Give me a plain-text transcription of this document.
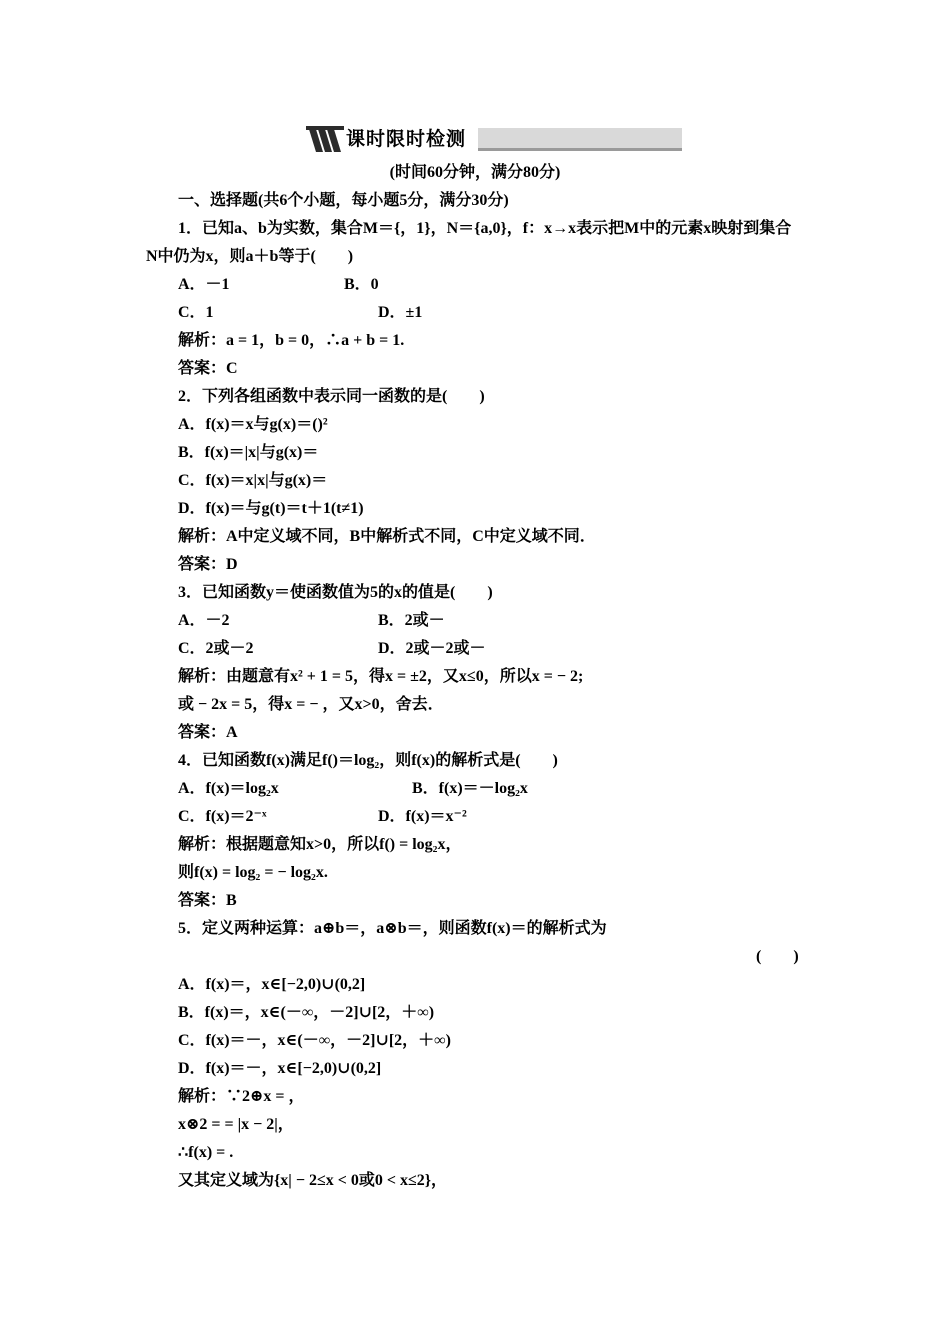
课时限时检测
(时间60分钟，满分80分)
一、选择题(共6个小题，每小题5分，满分30分)
1．已知a、b为实数，集合M＝{，1}，N＝{a,0}，f：x→x表示把M中的元素x映射到集合
N中仍为x，则a＋b等于(　　)
A．－1	B．0
C．1	D．±1
解析：a = 1，b = 0，∴a + b = 1.
答案：C
2．下列各组函数中表示同一函数的是(　　)
A．f(x)＝x与g(x)＝()²
B．f(x)＝|x|与g(x)＝
C．f(x)＝x|x|与g(x)＝
D．f(x)＝与g(t)＝t＋1(t≠1)
解析：A中定义域不同，B中解析式不同，C中定义域不同．
答案：D
3．已知函数y＝使函数值为5的x的值是(　　)
A．－2	B．2或－
C．2或－2	D．2或－2或－
解析：由题意有x² + 1 = 5，得x = ±2，又x≤0，所以x = − 2;
或 − 2x = 5，得x = − ，又x>0，舍去．
答案：A
4．已知函数f(x)满足f()＝log₂，则f(x)的解析式是(　　)
A．f(x)＝log₂x	B．f(x)＝－log₂x
C．f(x)＝2⁻ˣ	D．f(x)＝x⁻²
解析：根据题意知x>0，所以f() = log₂x，
则f(x) = log₂ = − log₂x.
答案：B
5．定义两种运算：a⊕b＝，a⊗b＝，则函数f(x)＝的解析式为
(　　)
A．f(x)＝，x∈[−2,0)∪(0,2]
B．f(x)＝，x∈(－∞，－2]∪[2，＋∞)
C．f(x)＝－，x∈(－∞，－2]∪[2，＋∞)
D．f(x)＝－，x∈[−2,0)∪(0,2]
解析：∵2⊕x = ，
x⊗2 = = |x − 2|，
∴f(x) = .
又其定义域为{x| − 2≤x < 0或0 < x≤2}，
